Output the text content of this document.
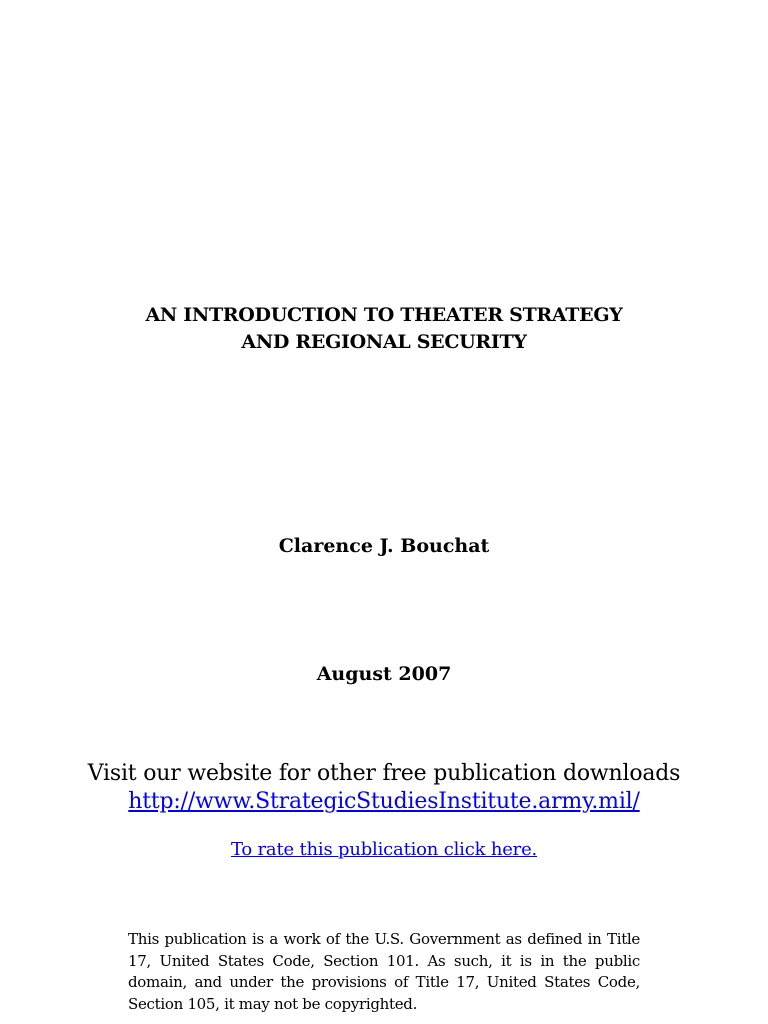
AN INTRODUCTION TO THEATER STRATEGY
AND REGIONAL SECURITY
Clarence J. Bouchat
August 2007
Visit our website for other free publication downloads
http://www.StrategicStudiesInstitute.army.mil/
To rate this publication click here.
This publication is a work of the U.S. Government as defined in Title 17, United States Code, Section 101. As such, it is in the public domain, and under the provisions of Title 17, United States Code, Section 105, it may not be copyrighted.
